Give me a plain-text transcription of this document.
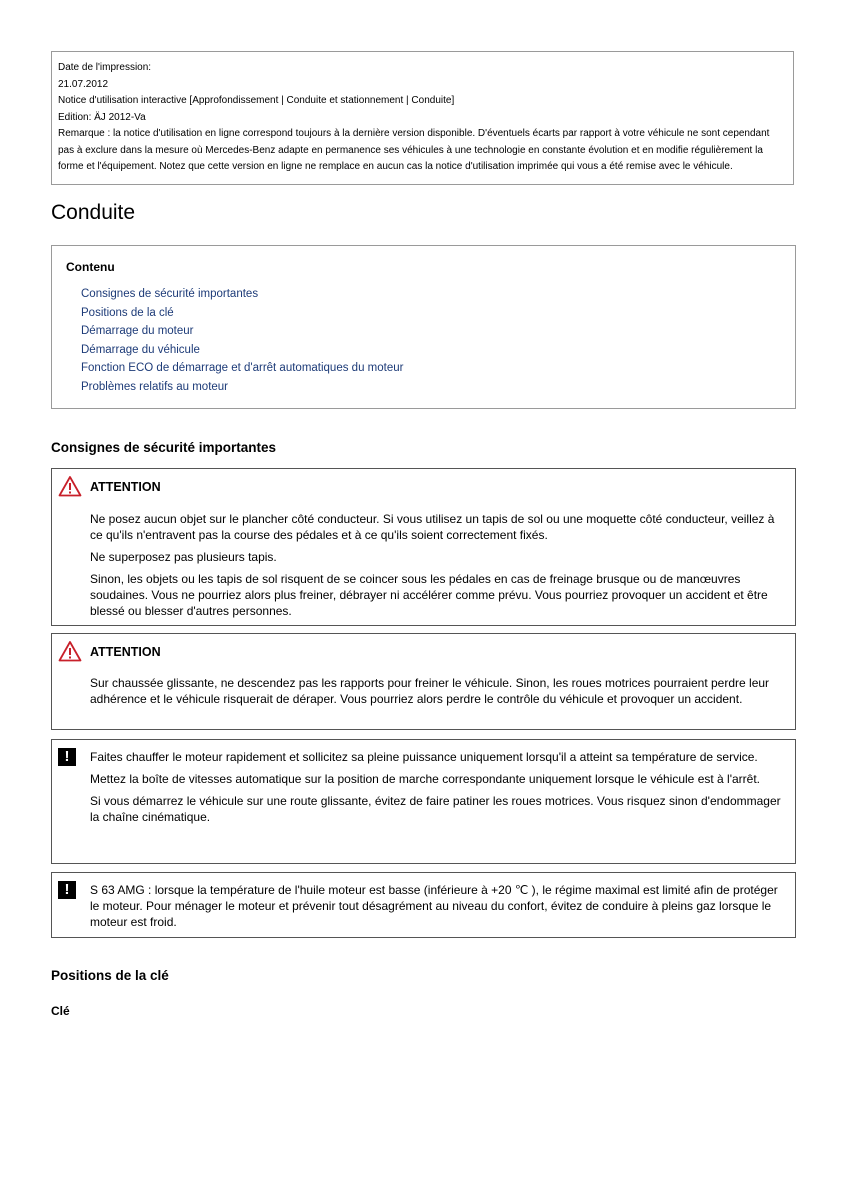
Date de l'impression:
21.07.2012
Notice d'utilisation interactive [Approfondissement | Conduite et stationnement | Conduite]
Edition: ÄJ 2012-Va
Remarque : la notice d'utilisation en ligne correspond toujours à la dernière version disponible. D'éventuels écarts par rapport à votre véhicule ne sont cependant pas à exclure dans la mesure où Mercedes-Benz adapte en permanence ses véhicules à une technologie en constante évolution et en modifie régulièrement la forme et l'équipement. Notez que cette version en ligne ne remplace en aucun cas la notice d'utilisation imprimée qui vous a été remise avec le véhicule.
Conduite
Contenu
Consignes de sécurité importantes
Positions de la clé
Démarrage du moteur
Démarrage du véhicule
Fonction ECO de démarrage et d'arrêt automatiques du moteur
Problèmes relatifs au moteur
Consignes de sécurité importantes
ATTENTION

Ne posez aucun objet sur le plancher côté conducteur. Si vous utilisez un tapis de sol ou une moquette côté conducteur, veillez à ce qu'ils n'entravent pas la course des pédales et à ce qu'ils soient correctement fixés.

Ne superposez pas plusieurs tapis.

Sinon, les objets ou les tapis de sol risquent de se coincer sous les pédales en cas de freinage brusque ou de manœuvres soudaines. Vous ne pourriez alors plus freiner, débrayer ni accélérer comme prévu. Vous pourriez provoquer un accident et être blessé ou blesser d'autres personnes.

ATTENTION

Sur chaussée glissante, ne descendez pas les rapports pour freiner le véhicule. Sinon, les roues motrices pourraient perdre leur adhérence et le véhicule risquerait de déraper. Vous pourriez alors perdre le contrôle du véhicule et provoquer un accident.

!	Faites chauffer le moteur rapidement et sollicitez sa pleine puissance uniquement lorsqu'il a atteint sa température de service.

Mettez la boîte de vitesses automatique sur la position de marche correspondante uniquement lorsque le véhicule est à l'arrêt.

Si vous démarrez le véhicule sur une route glissante, évitez de faire patiner les roues motrices. Vous risquez sinon d'endommager la chaîne cinématique.

!	S 63 AMG : lorsque la température de l'huile moteur est basse (inférieure à +20 ℃ ), le régime maximal est limité afin de protéger le moteur. Pour ménager le moteur et prévenir tout désagrément au niveau du confort, évitez de conduire à pleins gaz lorsque le moteur est froid.

Positions de la clé
Clé
